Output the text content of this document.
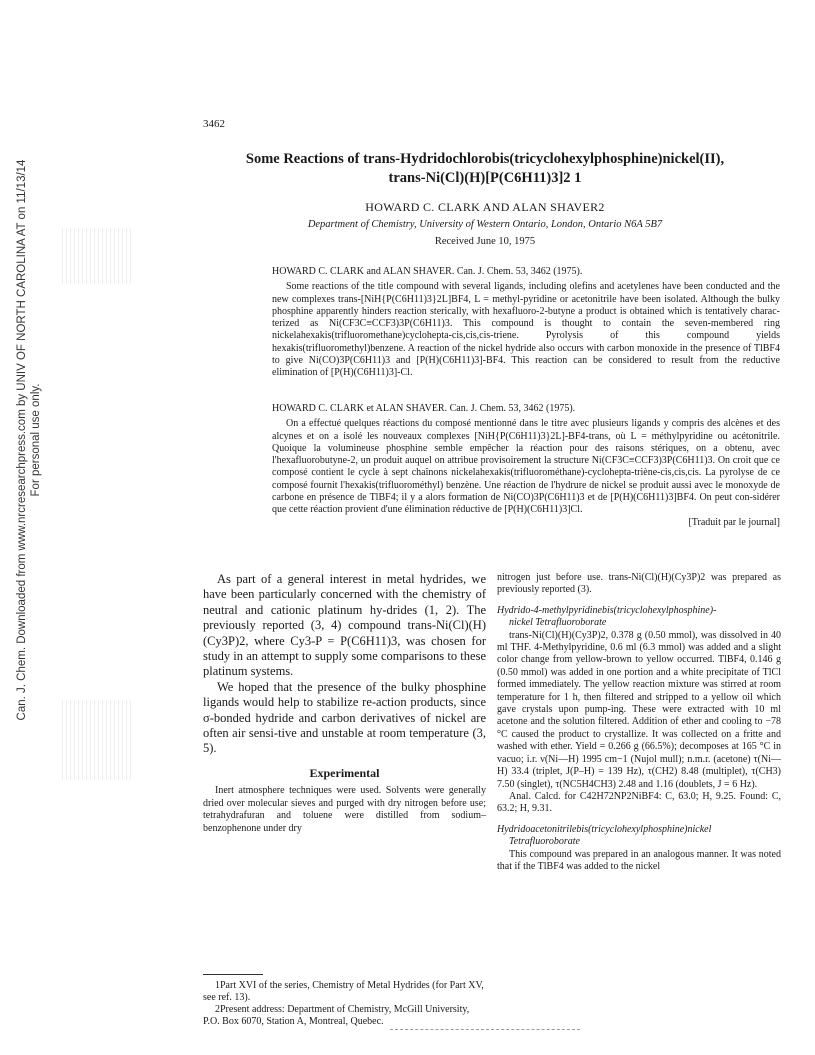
3462
Some Reactions of trans-Hydridochlorobis(tricyclohexylphosphine)nickel(II),
trans-Ni(Cl)(H)[P(C6H11)3]2 1
HOWARD C. CLARK AND ALAN SHAVER2
Department of Chemistry, University of Western Ontario, London, Ontario N6A 5B7
Received June 10, 1975

HOWARD C. CLARK and ALAN SHAVER. Can. J. Chem. 53, 3462 (1975).

Some reactions of the title compound with several ligands, including olefins and acetylenes have been conducted and the new complexes trans-[NiH{P(C6H11)3}2L]BF4, L = methyl-pyridine or acetonitrile have been isolated. Although the bulky phosphine apparently hinders reaction sterically, with hexafluoro-2-butyne a product is obtained which is tentatively charac-terized as Ni(CF3C≡CCF3)3P(C6H11)3. This compound is thought to contain the seven-membered ring nickelahexakis(trifluoromethane)cyclohepta-cis,cis,cis-triene. Pyrolysis of this compound yields hexakis(trifluoromethyl)benzene. A reaction of the nickel hydride also occurs with carbon monoxide in the presence of TlBF4 to give Ni(CO)3P(C6H11)3 and [P(H)(C6H11)3]-BF4. This reaction can be considered to result from the reductive elimination of [P(H)(C6H11)3]-Cl.

HOWARD C. CLARK et ALAN SHAVER. Can. J. Chem. 53, 3462 (1975).

On a effectué quelques réactions du composé mentionné dans le titre avec plusieurs ligands y compris des alcènes et des alcynes et on a isolé les nouveaux complexes [NiH{P(C6H11)3}2L]-BF4-trans, où L = méthylpyridine ou acétonitrile. Quoique la volumineuse phosphine semble empêcher la réaction pour des raisons stériques, on a obtenu, avec l'hexafluorobutyne-2, un produit auquel on attribue provisoirement la structure Ni(CF3C≡CCF3)3P(C6H11)3. On croit que ce composé contient le cycle à sept chaînons nickelahexakis(trifluorométhane)-cyclohepta-triène-cis,cis,cis. La pyrolyse de ce composé fournit l'hexakis(trifluorométhyl) benzène. Une réaction de l'hydrure de nickel se produit aussi avec le monoxyde de carbone en présence de TlBF4; il y a alors formation de Ni(CO)3P(C6H11)3 et de [P(H)(C6H11)3]BF4. On peut con-sidérer que cette réaction provient d'une élimination réductive de [P(H)(C6H11)3]Cl.

[Traduit par le journal]

As part of a general interest in metal hydrides, we have been particularly concerned with the chemistry of neutral and cationic platinum hy-drides (1, 2). The previously reported (3, 4) compound trans-Ni(Cl)(H)(Cy3P)2, where Cy3-P = P(C6H11)3, was chosen for study in an attempt to supply some comparisons to these platinum systems.

We hoped that the presence of the bulky phosphine ligands would help to stabilize re-action products, since σ-bonded hydride and carbon derivatives of nickel are often air sensi-tive and unstable at room temperature (3, 5).

Experimental

Inert atmosphere techniques were used. Solvents were generally dried over molecular sieves and purged with dry nitrogen before use; tetrahydrafuran and toluene were distilled from sodium–benzophenone under dry

1Part XVI of the series, Chemistry of Metal Hydrides (for Part XV, see ref. 13).

2Present address: Department of Chemistry, McGill University, P.O. Box 6070, Station A, Montreal, Quebec.

nitrogen just before use. trans-Ni(Cl)(H)(Cy3P)2 was prepared as previously reported (3).

Hydrido-4-methylpyridinebis(tricyclohexylphosphine)-

nickel Tetrafluoroborate

trans-Ni(Cl)(H)(Cy3P)2, 0.378 g (0.50 mmol), was dissolved in 40 ml THF. 4-Methylpyridine, 0.6 ml (6.3 mmol) was added and a slight color change from yellow-brown to yellow occurred. TlBF4, 0.146 g (0.50 mmol) was added in one portion and a white precipitate of TlCl formed immediately. The yellow reaction mixture was stirred at room temperature for 1 h, then filtered and stripped to a yellow oil which gave crystals upon pump-ing. These were extracted with 10 ml acetone and the solution filtered. Addition of ether and cooling to −78 °C caused the product to crystallize. It was collected on a fritte and washed with ether. Yield = 0.266 g (66.5%); decomposes at 165 °C in vacuo; i.r. ν(Ni—H) 1995 cm−1 (Nujol mull); n.m.r. (acetone) τ(Ni—H) 33.4 (triplet, J(P–H) = 139 Hz), τ(CH2) 8.48 (multiplet), τ(CH3) 7.50 (singlet), τ(NC5H4CH3) 2.48 and 1.16 (doublets, J = 6 Hz).

Anal. Calcd. for C42H72NP2NiBF4: C, 63.0; H, 9.25. Found: C, 63.2; H, 9.31.

Hydridoacetonitrilebis(tricyclohexylphosphine)nickel

Tetrafluoroborate

This compound was prepared in an analogous manner. It was noted that if the TlBF4 was added to the nickel

Can. J. Chem. Downloaded from www.nrcresearchpress.com by UNIV OF NORTH CAROLINA AT on 11/13/14 For personal use only.
